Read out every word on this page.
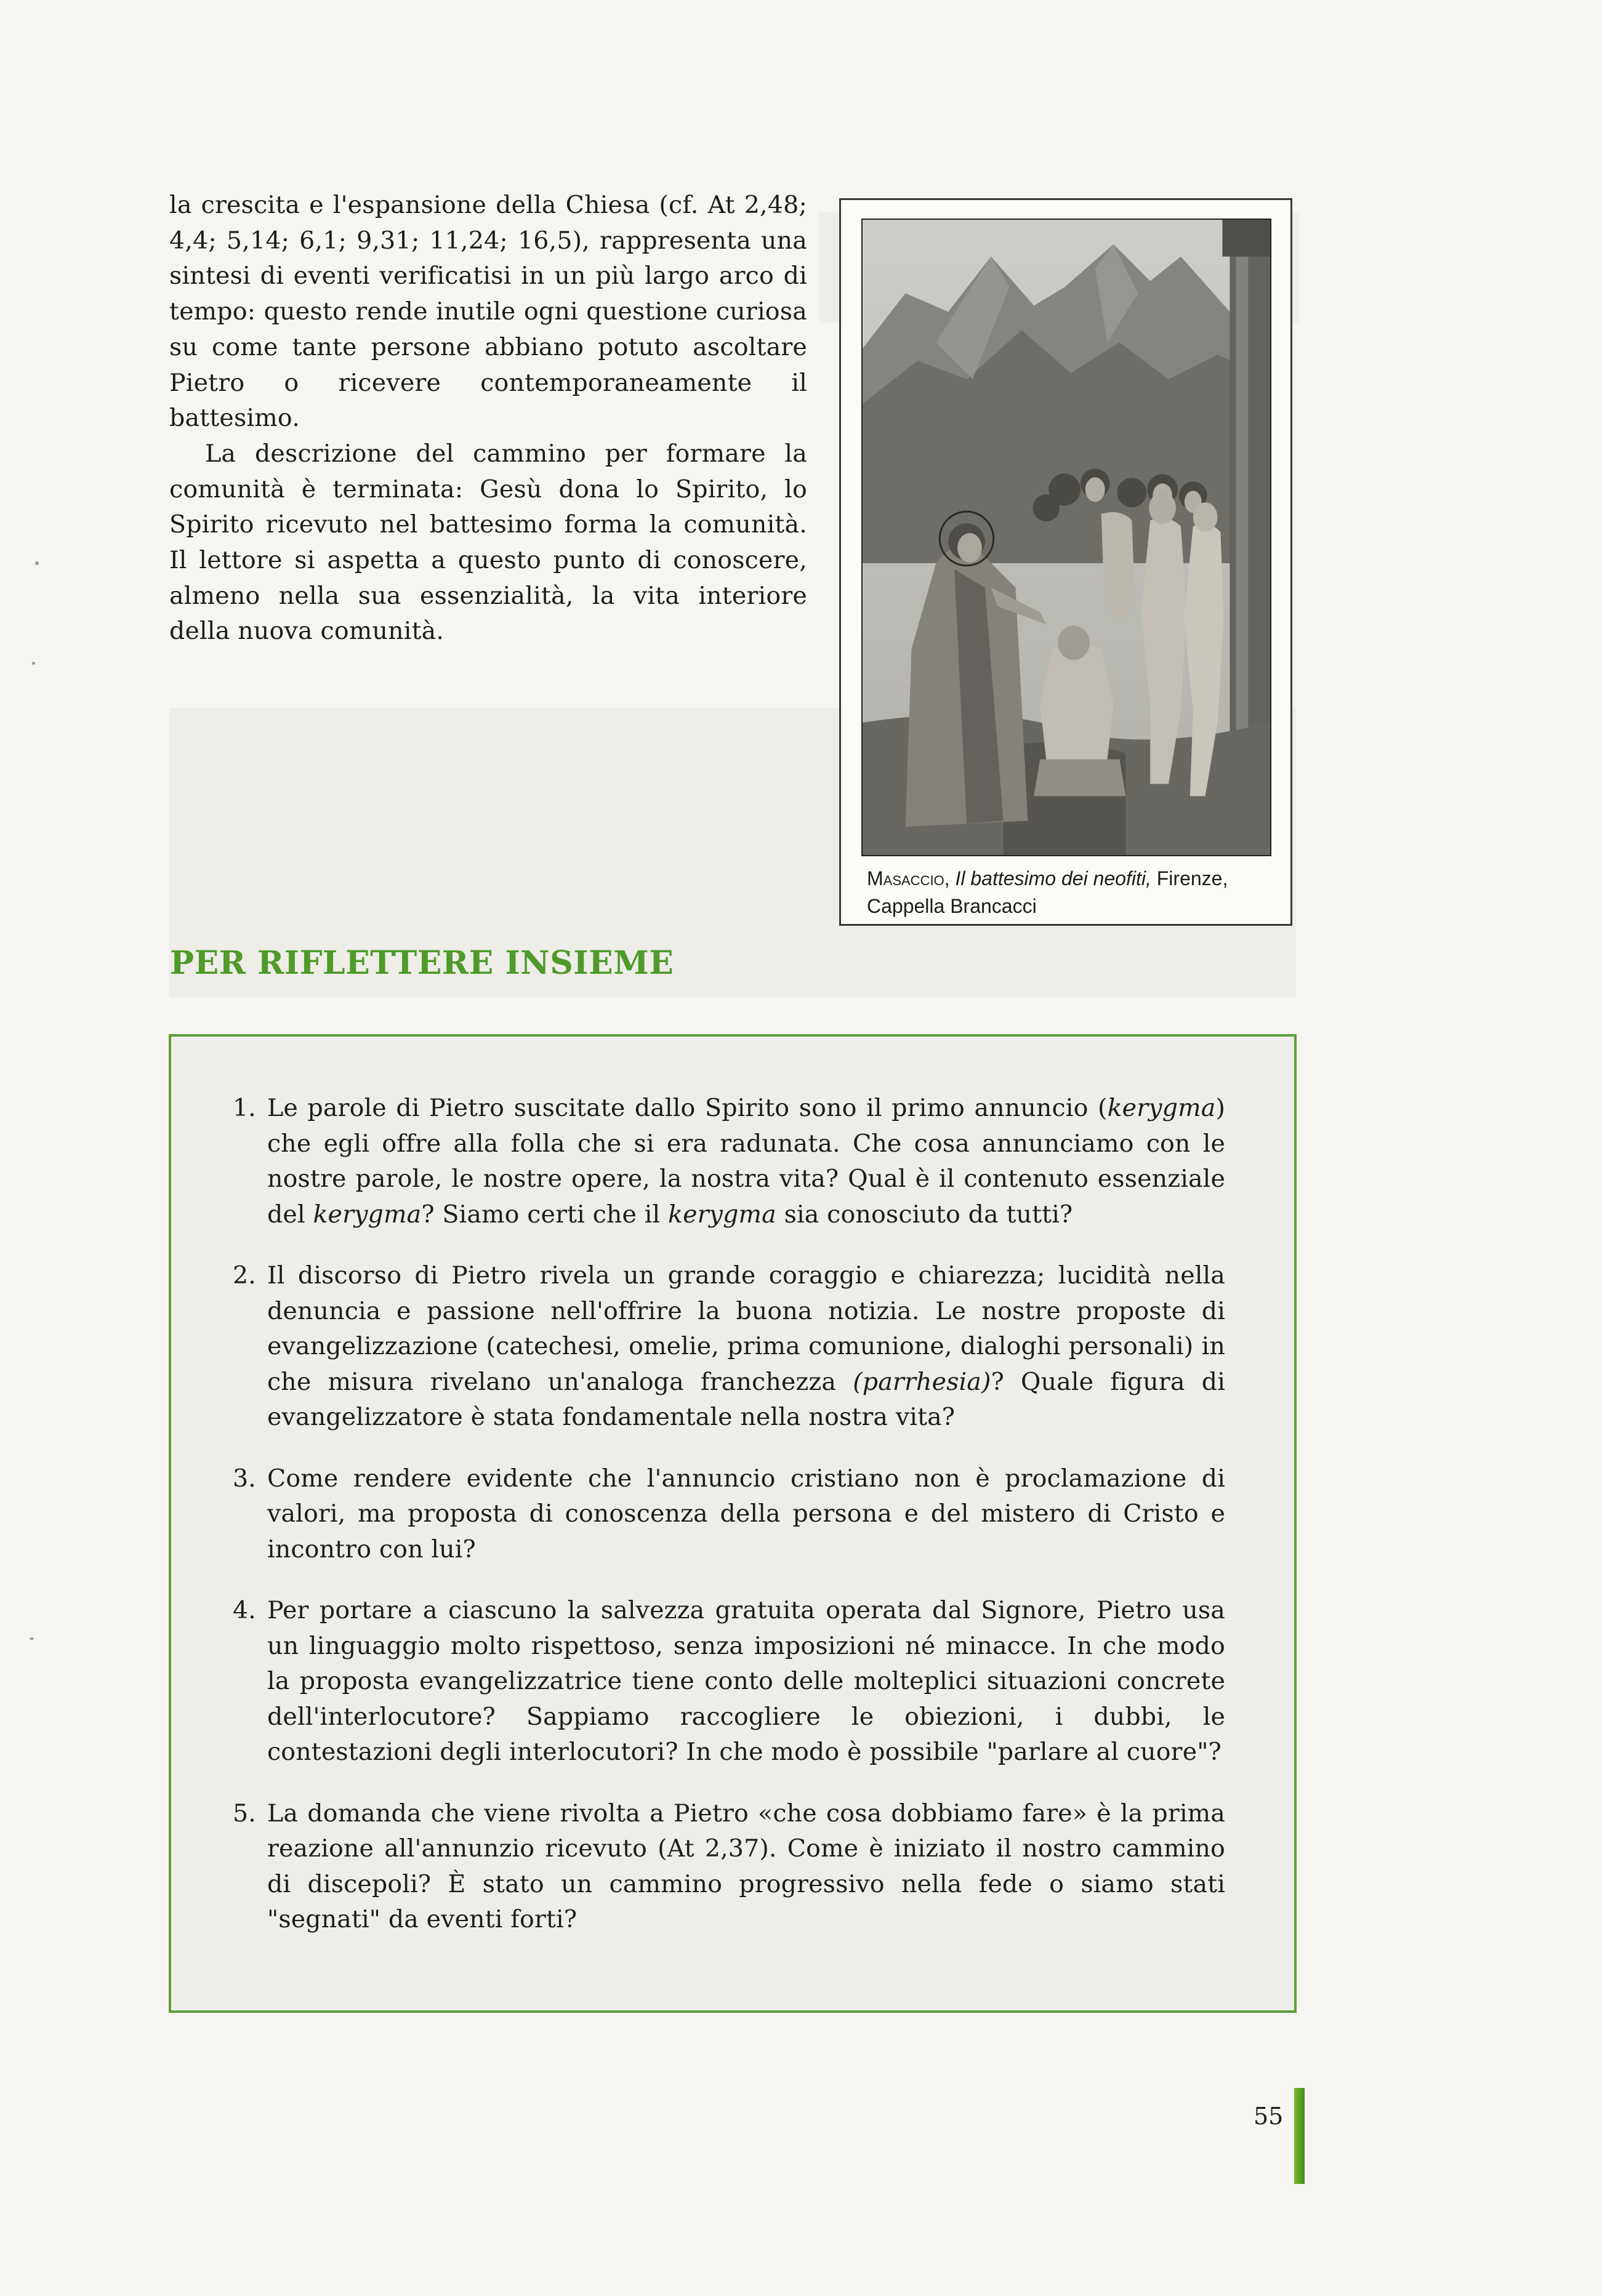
la crescita e l'espansione della Chiesa (cf. At 2,48; 4,4; 5,14; 6,1; 9,31; 11,24; 16,5), rappresenta una sintesi di eventi verificatisi in un più largo arco di tempo: questo rende inutile ogni questione curiosa su come tante persone abbiano potuto ascoltare Pietro o ricevere contemporaneamente il battesimo.

La descrizione del cammino per formare la comunità è terminata: Gesù dona lo Spirito, lo Spirito ricevuto nel battesimo forma la comunità. Il lettore si aspetta a questo punto di conoscere, almeno nella sua essenzialità, la vita interiore della nuova comunità.

Masaccio, Il battesimo dei neofiti, Firenze, Cappella Brancacci
PER RIFLETTERE INSIEME
1. Le parole di Pietro suscitate dallo Spirito sono il primo annuncio (kerygma) che egli offre alla folla che si era radunata. Che cosa annunciamo con le nostre parole, le nostre opere, la nostra vita? Qual è il contenuto essenziale del kerygma? Siamo certi che il kerygma sia conosciuto da tutti?
2. Il discorso di Pietro rivela un grande coraggio e chiarezza; lucidità nella denuncia e passione nell'offrire la buona notizia. Le nostre proposte di evangelizzazione (catechesi, omelie, prima comunione, dialoghi personali) in che misura rivelano un'analoga franchezza (parrhesia)? Quale figura di evangelizzatore è stata fondamentale nella nostra vita?
3. Come rendere evidente che l'annuncio cristiano non è proclamazione di valori, ma proposta di conoscenza della persona e del mistero di Cristo e incontro con lui?
4. Per portare a ciascuno la salvezza gratuita operata dal Signore, Pietro usa un linguaggio molto rispettoso, senza imposizioni né minacce. In che modo la proposta evangelizzatrice tiene conto delle molteplici situazioni concrete dell'interlocutore? Sappiamo raccogliere le obiezioni, i dubbi, le contestazioni degli interlocutori? In che modo è possibile "parlare al cuore"?
5. La domanda che viene rivolta a Pietro «che cosa dobbiamo fare» è la prima reazione all'annunzio ricevuto (At 2,37). Come è iniziato il nostro cammino di discepoli? È stato un cammino progressivo nella fede o siamo stati "segnati" da eventi forti?
55
